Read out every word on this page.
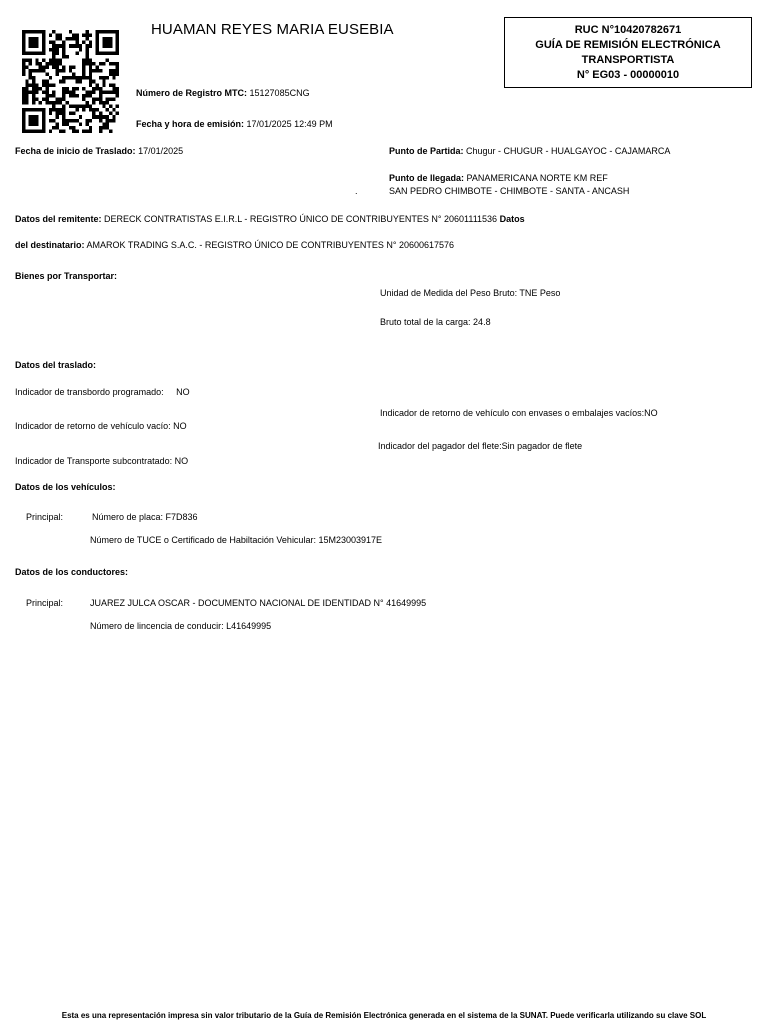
HUAMAN REYES MARIA EUSEBIA
Número de Registro MTC: 15127085CNG
Fecha y hora de emisión: 17/01/2025 12:49 PM
RUC N°10420782671
GUÍA DE REMISIÓN ELECTRÓNICA
TRANSPORTISTA
N° EG03 - 00000010
Fecha de inicio de Traslado: 17/01/2025	Punto de Partida: Chugur - CHUGUR - HUALGAYOC - CAJAMARCA
Punto de llegada: PANAMERICANA NORTE KM REF
SAN PEDRO CHIMBOTE - CHIMBOTE - SANTA - ANCASH
.
Datos del remitente: DERECK CONTRATISTAS E.I.R.L - REGISTRO ÚNICO DE CONTRIBUYENTES N° 20601111536 Datos
del destinatario: AMAROK TRADING S.A.C. - REGISTRO ÚNICO DE CONTRIBUYENTES N° 20600617576
Bienes por Transportar:
Unidad de Medida del Peso Bruto: TNE Peso
Bruto total de la carga: 24.8
Datos del traslado:
Indicador de transbordo programado: NO
Indicador de retorno de vehículo con envases o embalajes vacíos:NO
Indicador de retorno de vehículo vacío: NO
Indicador del pagador del flete:Sin pagador de flete
Indicador de Transporte subcontratado: NO
Datos de los vehículos:
Principal:	Número de placa: F7D836
Número de TUCE o Certificado de Habiltación Vehicular: 15M23003917E
Datos de los conductores:
Principal:	JUAREZ JULCA OSCAR - DOCUMENTO NACIONAL DE IDENTIDAD N° 41649995
Número de lincencia de conducir: L41649995
Esta es una representación impresa sin valor tributario de la Guía de Remisión Electrónica generada en el sistema de la SUNAT. Puede verificarla utilizando su clave SOL
